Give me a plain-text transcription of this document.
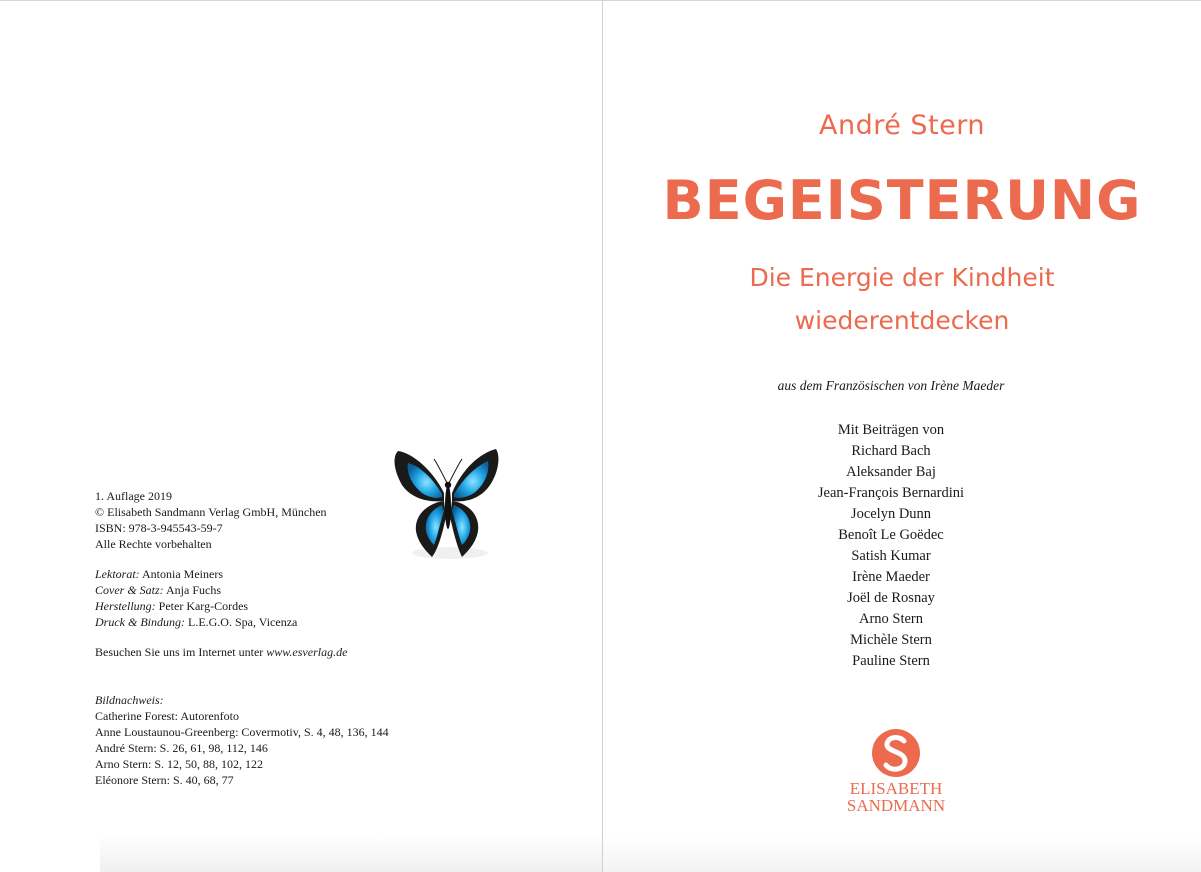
1. Auflage 2019

© Elisabeth Sandmann Verlag GmbH, München

ISBN: 978-3-945543-59-7

Alle Rechte vorbehalten

Lektorat: Antonia Meiners

Cover & Satz: Anja Fuchs

Herstellung: Peter Karg-Cordes

Druck & Bindung: L.E.G.O. Spa, Vicenza

Besuchen Sie uns im Internet unter www.esverlag.de

Bildnachweis:

Catherine Forest: Autorenfoto

Anne Loustaunou-Greenberg: Covermotiv, S. 4, 48, 136, 144

André Stern: S. 26, 61, 98, 112, 146

Arno Stern: S. 12, 50, 88, 102, 122

Eléonore Stern: S. 40, 68, 77

André Stern
BEGEISTERUNG
Die Energie der Kindheit
wiederentdecken
aus dem Französischen von Irène Maeder
Mit Beiträgen von
Richard Bach
Aleksander Baj
Jean-François Bernardini
Jocelyn Dunn
Benoît Le Goëdec
Satish Kumar
Irène Maeder
Joël de Rosnay
Arno Stern
Michèle Stern
Pauline Stern
ELISABETH
SANDMANN
